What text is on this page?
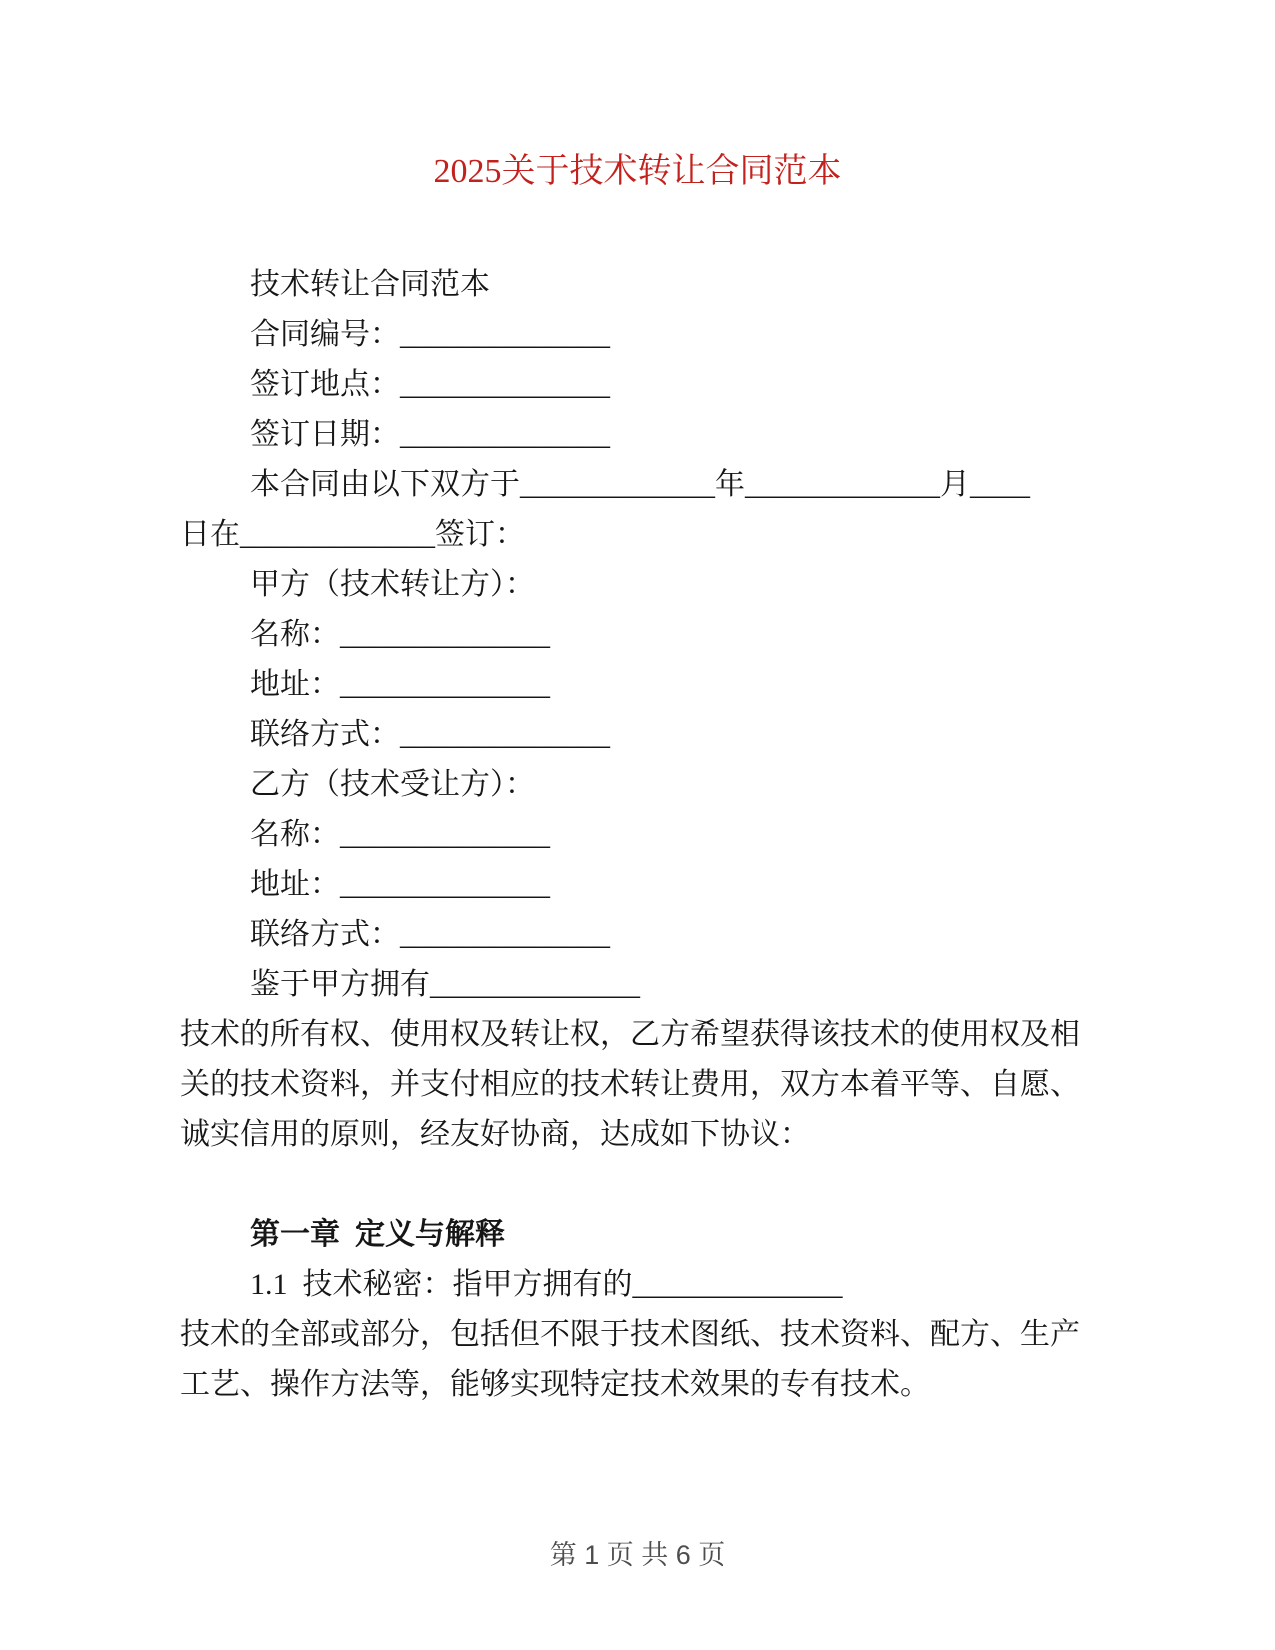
2025关于技术转让合同范本
技术转让合同范本
合同编号：______________
签订地点：______________
签订日期：______________
本合同由以下双方于_____________年_____________月____
日在_____________签订：
甲方（技术转让方）：
名称：______________
地址：______________
联络方式：______________
乙方（技术受让方）：
名称：______________
地址：______________
联络方式：______________
鉴于甲方拥有______________
技术的所有权、使用权及转让权，乙方希望获得该技术的使用权及相
关的技术资料，并支付相应的技术转让费用，双方本着平等、自愿、
诚实信用的原则，经友好协商，达成如下协议：
第一章  定义与解释
1.1  技术秘密：指甲方拥有的______________
技术的全部或部分，包括但不限于技术图纸、技术资料、配方、生产
工艺、操作方法等，能够实现特定技术效果的专有技术。
第 1 页 共 6 页
